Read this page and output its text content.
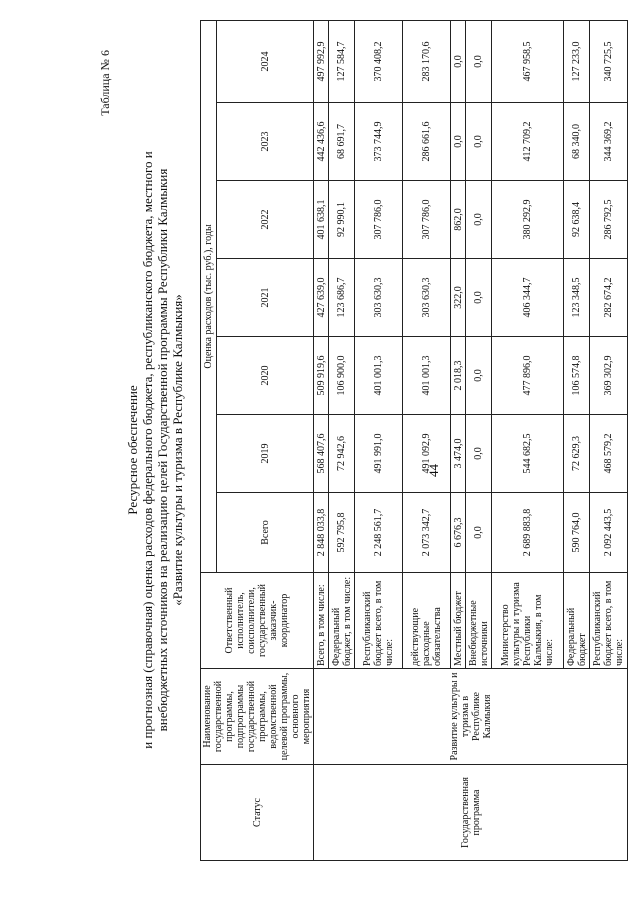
44
Таблица № 6
Ресурсное обеспечение и прогнозная (справочная) оценка расходов федерального бюджета, республиканского бюджета, местного и внебюджетных источников на реализацию целей Государственной программы Республики Калмыкия «Развитие культуры и туризма в Республике Калмыкия»
Статус	Наименование государственной программы, подпрограммы государственной программы, ведомственной целевой программы, основного мероприятия	Ответственный исполнитель, соисполнители, государственный заказчик-координатор	Оценка расходов (тыс. руб.), годы						
			Всего	2019	2020	2021	2022	2023	2024
Государственная программа	Развитие культуры и туризма в Республике Калмыкия	Всего, в том числе:	2 848 033,8	568 407,6	509 919,6	427 639,0	401 638,1	442 436,6	497 992,9
		Федеральный бюджет, в том числе:	592 795,8	72 942,6	106 900,0	123 686,7	92 990,1	68 691,7	127 584,7
		Республиканский бюджет всего, в том числе:	2 248 561,7	491 991,0	401 001,3	303 630,3	307 786,0	373 744,9	370 408,2
		действующие расходные обязательства	2 073 342,7	491 092,9	401 001,3	303 630,3	307 786,0	286 661,6	283 170,6
		Местный бюджет	6 676,3	3 474,0	2 018,3	322,0	862,0	0,0	0,0
		Внебюджетные источники	0,0	0,0	0,0	0,0	0,0	0,0	0,0
		Министерство культуры и туризма Республики Калмыкия, в том числе:	2 689 883,8	544 682,5	477 896,0	406 344,7	380 292,9	412 709,2	467 958,5
		Федеральный бюджет	590 764,0	72 629,3	106 574,8	123 348,5	92 638,4	68 340,0	127 233,0
		Республиканский бюджет всего, в том числе:	2 092 443,5	468 579,2	369 302,9	282 674,2	286 792,5	344 369,2	340 725,5
